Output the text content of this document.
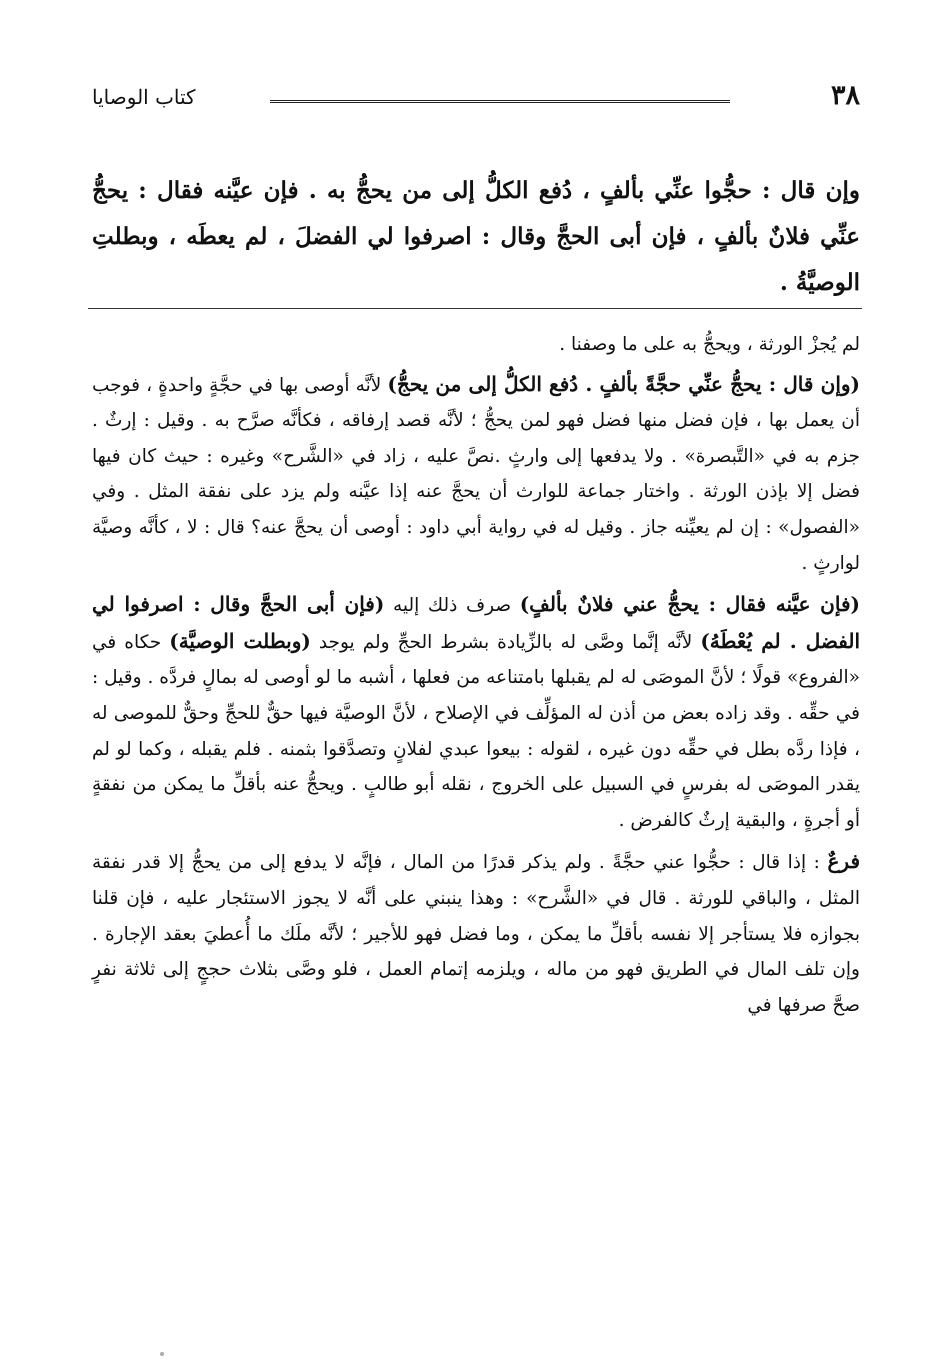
٣٨
كتاب الوصايا
وإن قال : حجُّوا عنِّي بألفٍ ، دُفع الكلُّ إلى من يحجُّ به . فإن عيَّنه فقال : يحجُّ عنِّي فلانٌ بألفٍ ، فإن أبى الحجَّ وقال : اصرفوا لي الفضلَ ، لم يعطَه ، وبطلتِ الوصيَّةُ .

لم يُجزْ الورثة ، ويحجُّ به على ما وصفنا .

(وإن قال : يحجُّ عنِّي حجَّةً بألفٍ . دُفع الكلُّ إلى من يحجُّ) لأنَّه أوصى بها في حجَّةٍ واحدةٍ ، فوجب أن يعمل بها ، فإن فضل منها فضل فهو لمن يحجُّ ؛ لأنَّه قصد إرفاقه ، فكأنَّه صرَّح به . وقيل : إرثٌ . جزم به في «التَّبصرة» . ولا يدفعها إلى وارثٍ .نصَّ عليه ، زاد في «الشَّرح» وغيره : حيث كان فيها فضل إلا بإذن الورثة . واختار جماعة للوارث أن يحجَّ عنه إذا عيَّنه ولم يزد على نفقة المثل . وفي «الفصول» : إن لم يعيِّنه جاز . وقيل له في رواية أبي داود : أوصى أن يحجَّ عنه؟ قال : لا ، كأنَّه وصيَّة لوارثٍ .

(فإن عيَّنه فقال : يحجُّ عني فلانٌ بألفٍ) صرف ذلك إليه (فإن أبى الحجَّ وقال : اصرفوا لي الفضل . لم يُعْطَهُ) لأنَّه إنَّما وصَّى له بالزِّيادة بشرط الحجِّ ولم يوجد (وبطلت الوصيَّة) حكاه في «الفروع» قولًا ؛ لأنَّ الموصَى له لم يقبلها بامتناعه من فعلها ، أشبه ما لو أوصى له بمالٍ فردَّه . وقيل : في حقِّه . وقد زاده بعض من أذن له المؤلِّف في الإصلاح ، لأنَّ الوصيَّة فيها حقٌّ للحجِّ وحقٌّ للموصى له ، فإذا ردَّه بطل في حقِّه دون غيره ، لقوله : بيعوا عبدي لفلانٍ وتصدَّقوا بثمنه . فلم يقبله ، وكما لو لم يقدر الموصَى له بفرسٍ في السبيل على الخروج ، نقله أبو طالبٍ . ويحجُّ عنه بأقلِّ ما يمكن من نفقةٍ أو أجرةٍ ، والبقية إرثٌ كالفرض .

فرعٌ : إذا قال : حجُّوا عني حجَّةً . ولم يذكر قدرًا من المال ، فإنَّه لا يدفع إلى من يحجُّ إلا قدر نفقة المثل ، والباقي للورثة . قال في «الشَّرح» : وهذا ينبني على أنَّه لا يجوز الاستئجار عليه ، فإن قلنا بجوازه فلا يستأجر إلا نفسه بأقلِّ ما يمكن ، وما فضل فهو للأجير ؛ لأنَّه ملَك ما أُعطيَ بعقد الإجارة . وإن تلف المال في الطريق فهو من ماله ، ويلزمه إتمام العمل ، فلو وصَّى بثلاث حججٍ إلى ثلاثة نفرٍ صحَّ صرفها في
